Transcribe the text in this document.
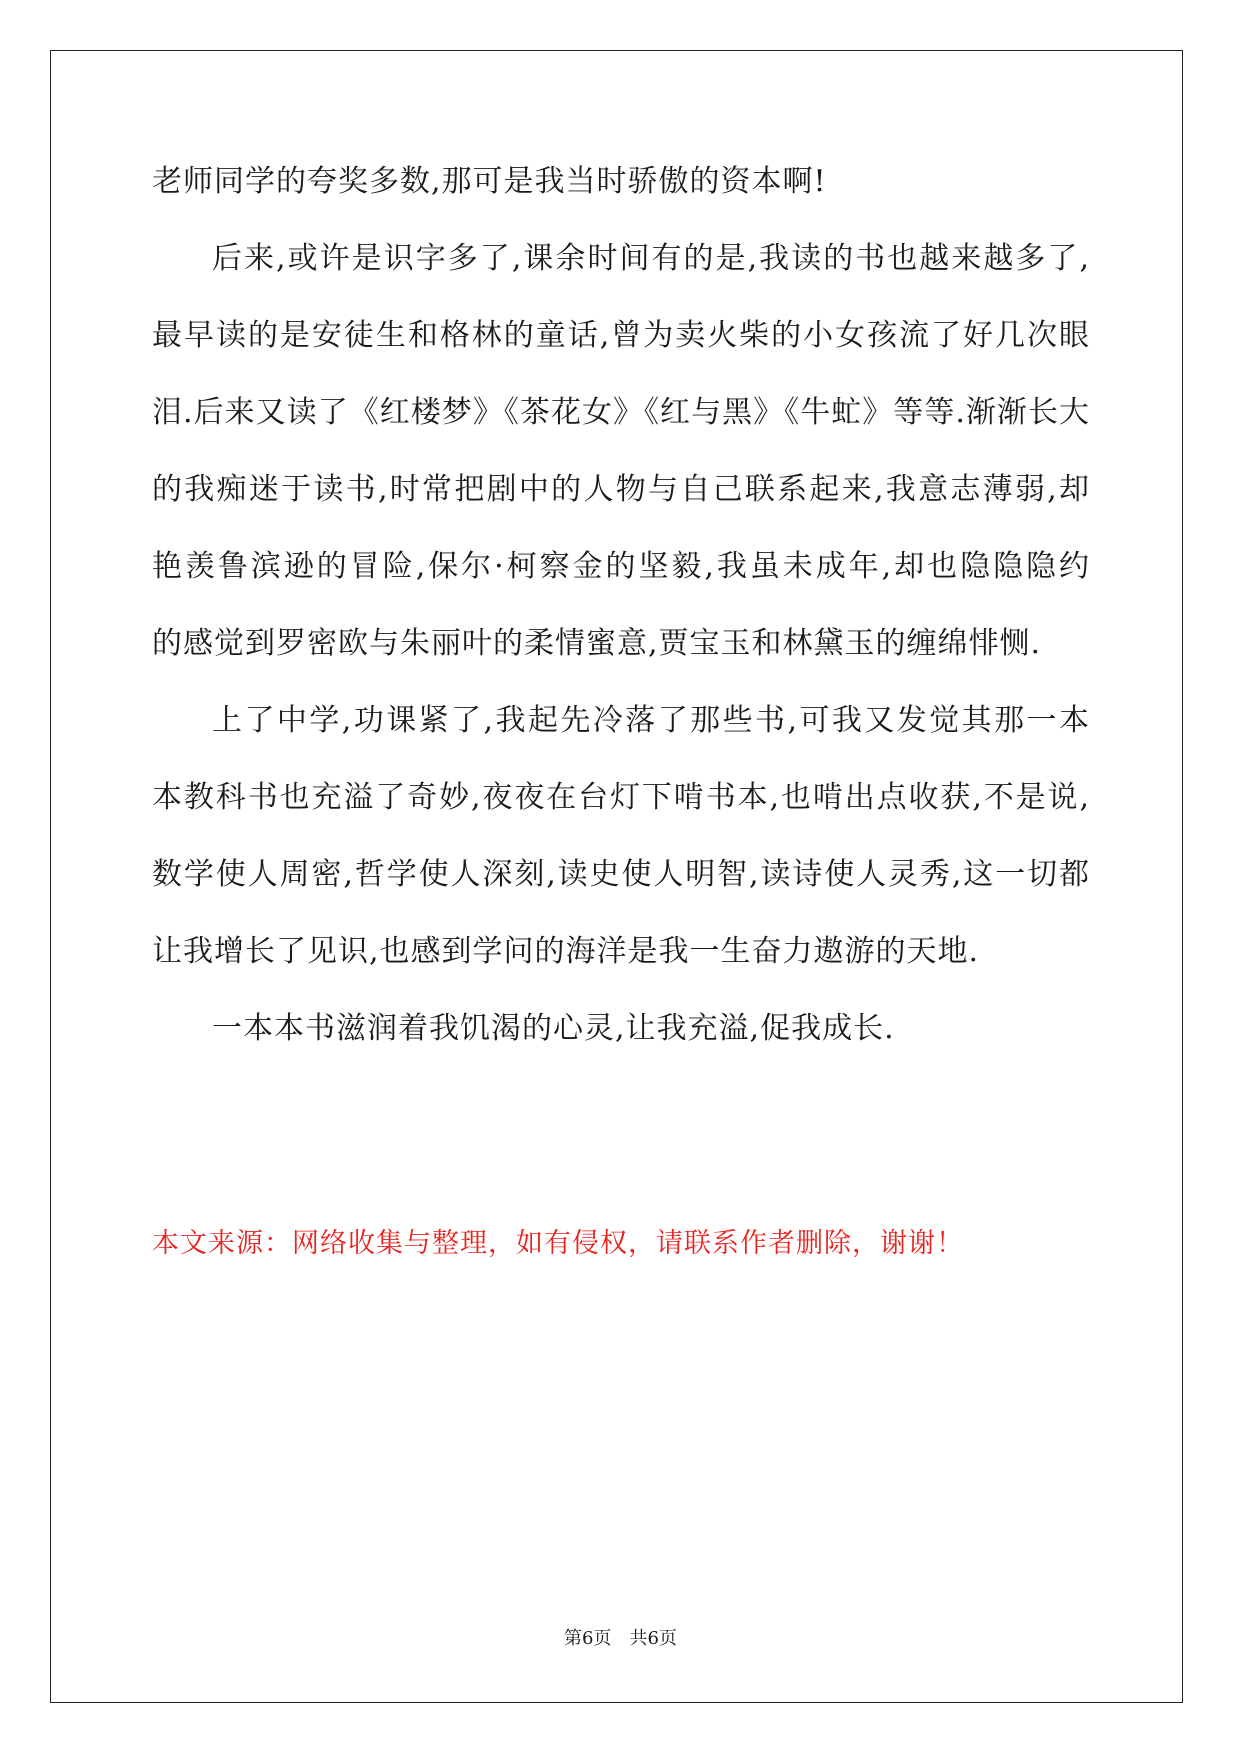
老师同学的夸奖多数,那可是我当时骄傲的资本啊!
后来,或许是识字多了,课余时间有的是,我读的书也越来越多了,
最早读的是安徒生和格林的童话,曾为卖火柴的小女孩流了好几次眼
泪.后来又读了《红楼梦》《茶花女》《红与黑》《牛虻》等等.渐渐长大
的我痴迷于读书,时常把剧中的人物与自己联系起来,我意志薄弱,却
艳羡鲁滨逊的冒险,保尔·柯察金的坚毅,我虽未成年,却也隐隐隐约
的感觉到罗密欧与朱丽叶的柔情蜜意,贾宝玉和林黛玉的缠绵悱恻.
上了中学,功课紧了,我起先冷落了那些书,可我又发觉其那一本
本教科书也充溢了奇妙,夜夜在台灯下啃书本,也啃出点收获,不是说,
数学使人周密,哲学使人深刻,读史使人明智,读诗使人灵秀,这一切都
让我增长了见识,也感到学问的海洋是我一生奋力遨游的天地.
一本本书滋润着我饥渴的心灵,让我充溢,促我成长.
本文来源：网络收集与整理，如有侵权，请联系作者删除，谢谢！
第6页　共6页
